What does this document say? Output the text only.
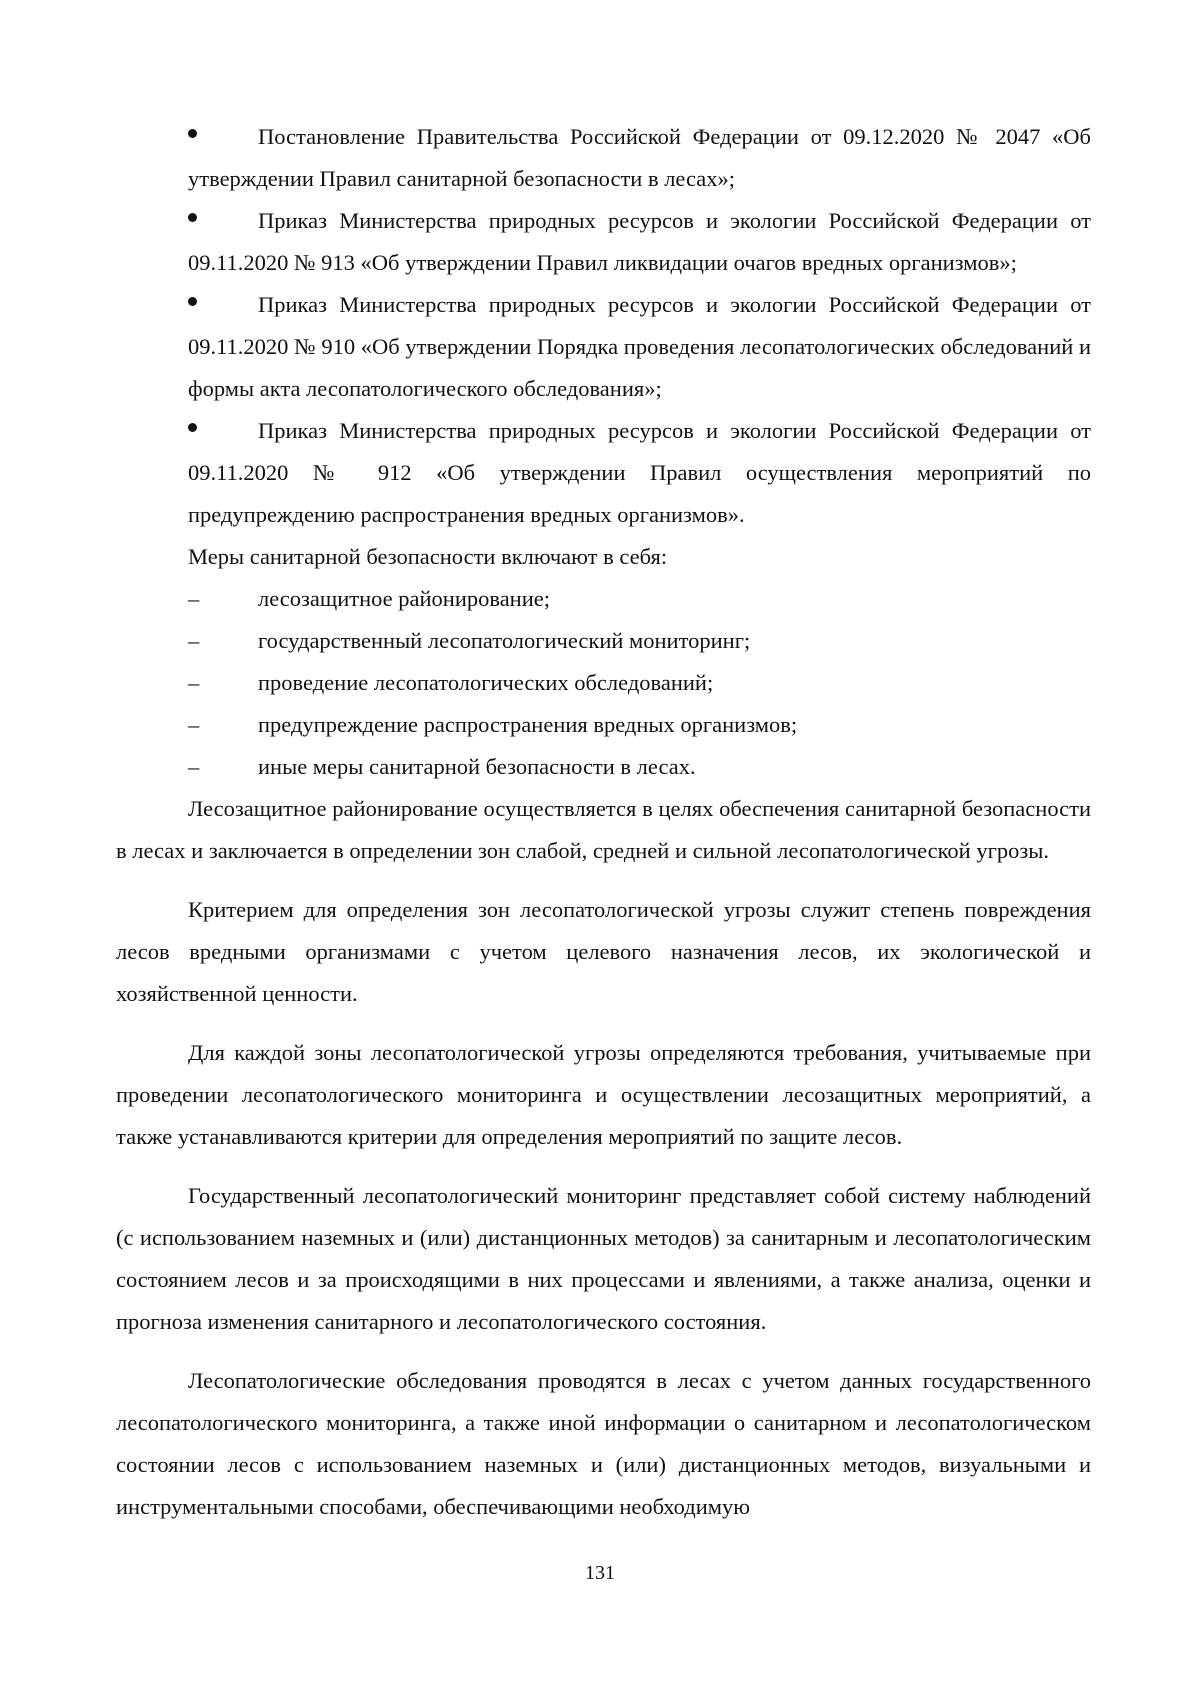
Постановление Правительства Российской Федерации от 09.12.2020 № 2047 «Об утверждении Правил санитарной безопасности в лесах»;
Приказ Министерства природных ресурсов и экологии Российской Федерации от 09.11.2020 № 913 «Об утверждении Правил ликвидации очагов вредных организмов»;
Приказ Министерства природных ресурсов и экологии Российской Федерации от 09.11.2020 № 910 «Об утверждении Порядка проведения лесопатологических обследований и формы акта лесопатологического обследования»;
Приказ Министерства природных ресурсов и экологии Российской Федерации от 09.11.2020 № 912 «Об утверждении Правил осуществления мероприятий по предупреждению распространения вредных организмов».
Меры санитарной безопасности включают в себя:
–	лесозащитное районирование;
–	государственный лесопатологический мониторинг;
–	проведение лесопатологических обследований;
–	предупреждение распространения вредных организмов;
–	иные меры санитарной безопасности в лесах.

Лесозащитное районирование осуществляется в целях обеспечения санитарной безопасности в лесах и заключается в определении зон слабой, средней и сильной лесопатологической угрозы.

Критерием для определения зон лесопатологической угрозы служит степень повреждения лесов вредными организмами с учетом целевого назначения лесов, их экологической и хозяйственной ценности.

Для каждой зоны лесопатологической угрозы определяются требования, учитываемые при проведении лесопатологического мониторинга и осуществлении лесозащитных мероприятий, а также устанавливаются критерии для определения мероприятий по защите лесов.

Государственный лесопатологический мониторинг представляет собой систему наблюдений (с использованием наземных и (или) дистанционных методов) за санитарным и лесопатологическим состоянием лесов и за происходящими в них процессами и явлениями, а также анализа, оценки и прогноза изменения санитарного и лесопатологического состояния.

Лесопатологические обследования проводятся в лесах с учетом данных государственного лесопатологического мониторинга, а также иной информации о санитарном и лесопатологическом состоянии лесов с использованием наземных и (или) дистанционных методов, визуальными и инструментальными способами, обеспечивающими необходимую

131
